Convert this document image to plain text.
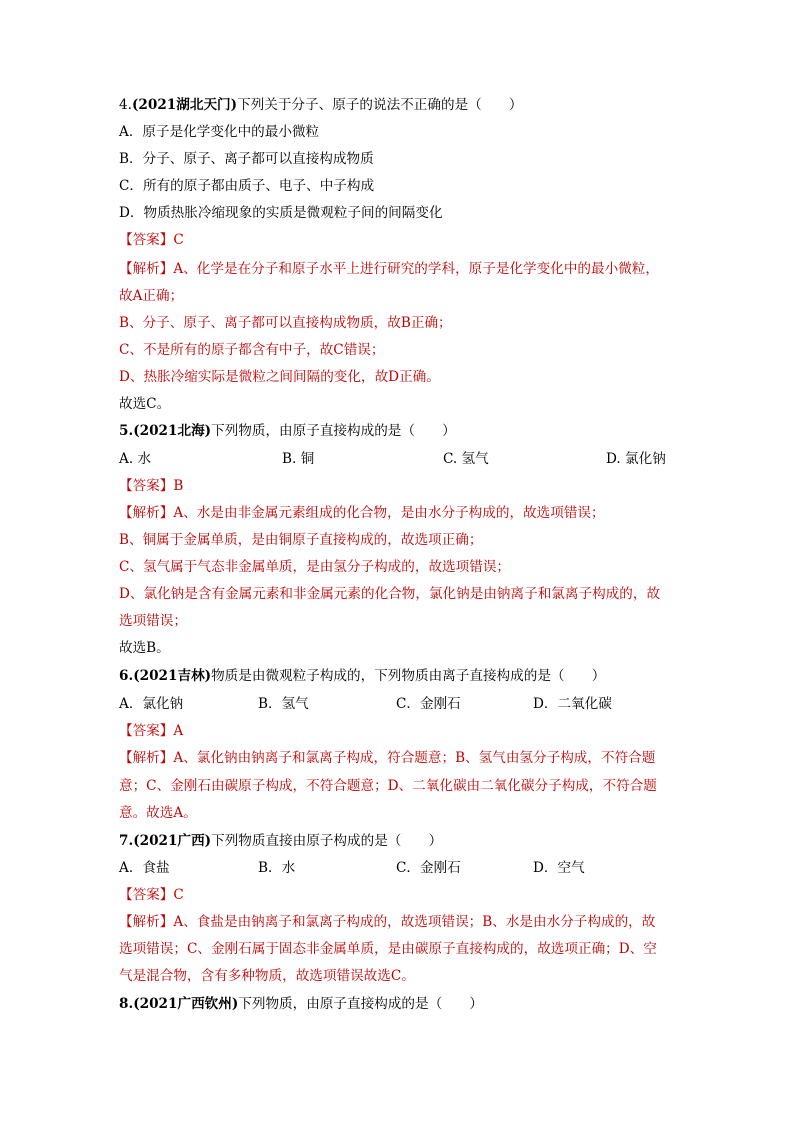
4.(2021湖北天门)下列关于分子、原子的说法不正确的是（　　）
A．原子是化学变化中的最小微粒
B．分子、原子、离子都可以直接构成物质
C．所有的原子都由质子、电子、中子构成
D．物质热胀冷缩现象的实质是微观粒子间的间隔变化
【答案】C
【解析】A、化学是在分子和原子水平上进行研究的学科，原子是化学变化中的最小微粒，
故A正确；
B、分子、原子、离子都可以直接构成物质，故B正确；
C、不是所有的原子都含有中子，故C错误；
D、热胀冷缩实际是微粒之间间隔的变化，故D正确。
故选C。
5.(2021北海)下列物质，由原子直接构成的是（　　）
A. 水	B. 铜	C. 氢气	D. 氯化钠
【答案】B
【解析】A、水是由非金属元素组成的化合物，是由水分子构成的，故选项错误；
B、铜属于金属单质，是由铜原子直接构成的，故选项正确；
C、氢气属于气态非金属单质，是由氢分子构成的，故选项错误；
D、氯化钠是含有金属元素和非金属元素的化合物，氯化钠是由钠离子和氯离子构成的，故
选项错误；
故选B。
6.(2021吉林)物质是由微观粒子构成的，下列物质由离子直接构成的是（　　）
A．氯化钠	B．氢气	C．金刚石	D．二氧化碳
【答案】A
【解析】A、氯化钠由钠离子和氯离子构成，符合题意；B、氢气由氢分子构成，不符合题
意；C、金刚石由碳原子构成，不符合题意；D、二氧化碳由二氧化碳分子构成，不符合题
意。故选A。
7.(2021广西)下列物质直接由原子构成的是（　　）
A．食盐	B．水	C．金刚石	D．空气
【答案】C
【解析】A、食盐是由钠离子和氯离子构成的，故选项错误；B、水是由水分子构成的，故
选项错误；C、金刚石属于固态非金属单质，是由碳原子直接构成的，故选项正确；D、空
气是混合物，含有多种物质，故选项错误故选C。
8.(2021广西钦州)下列物质，由原子直接构成的是（　　）
